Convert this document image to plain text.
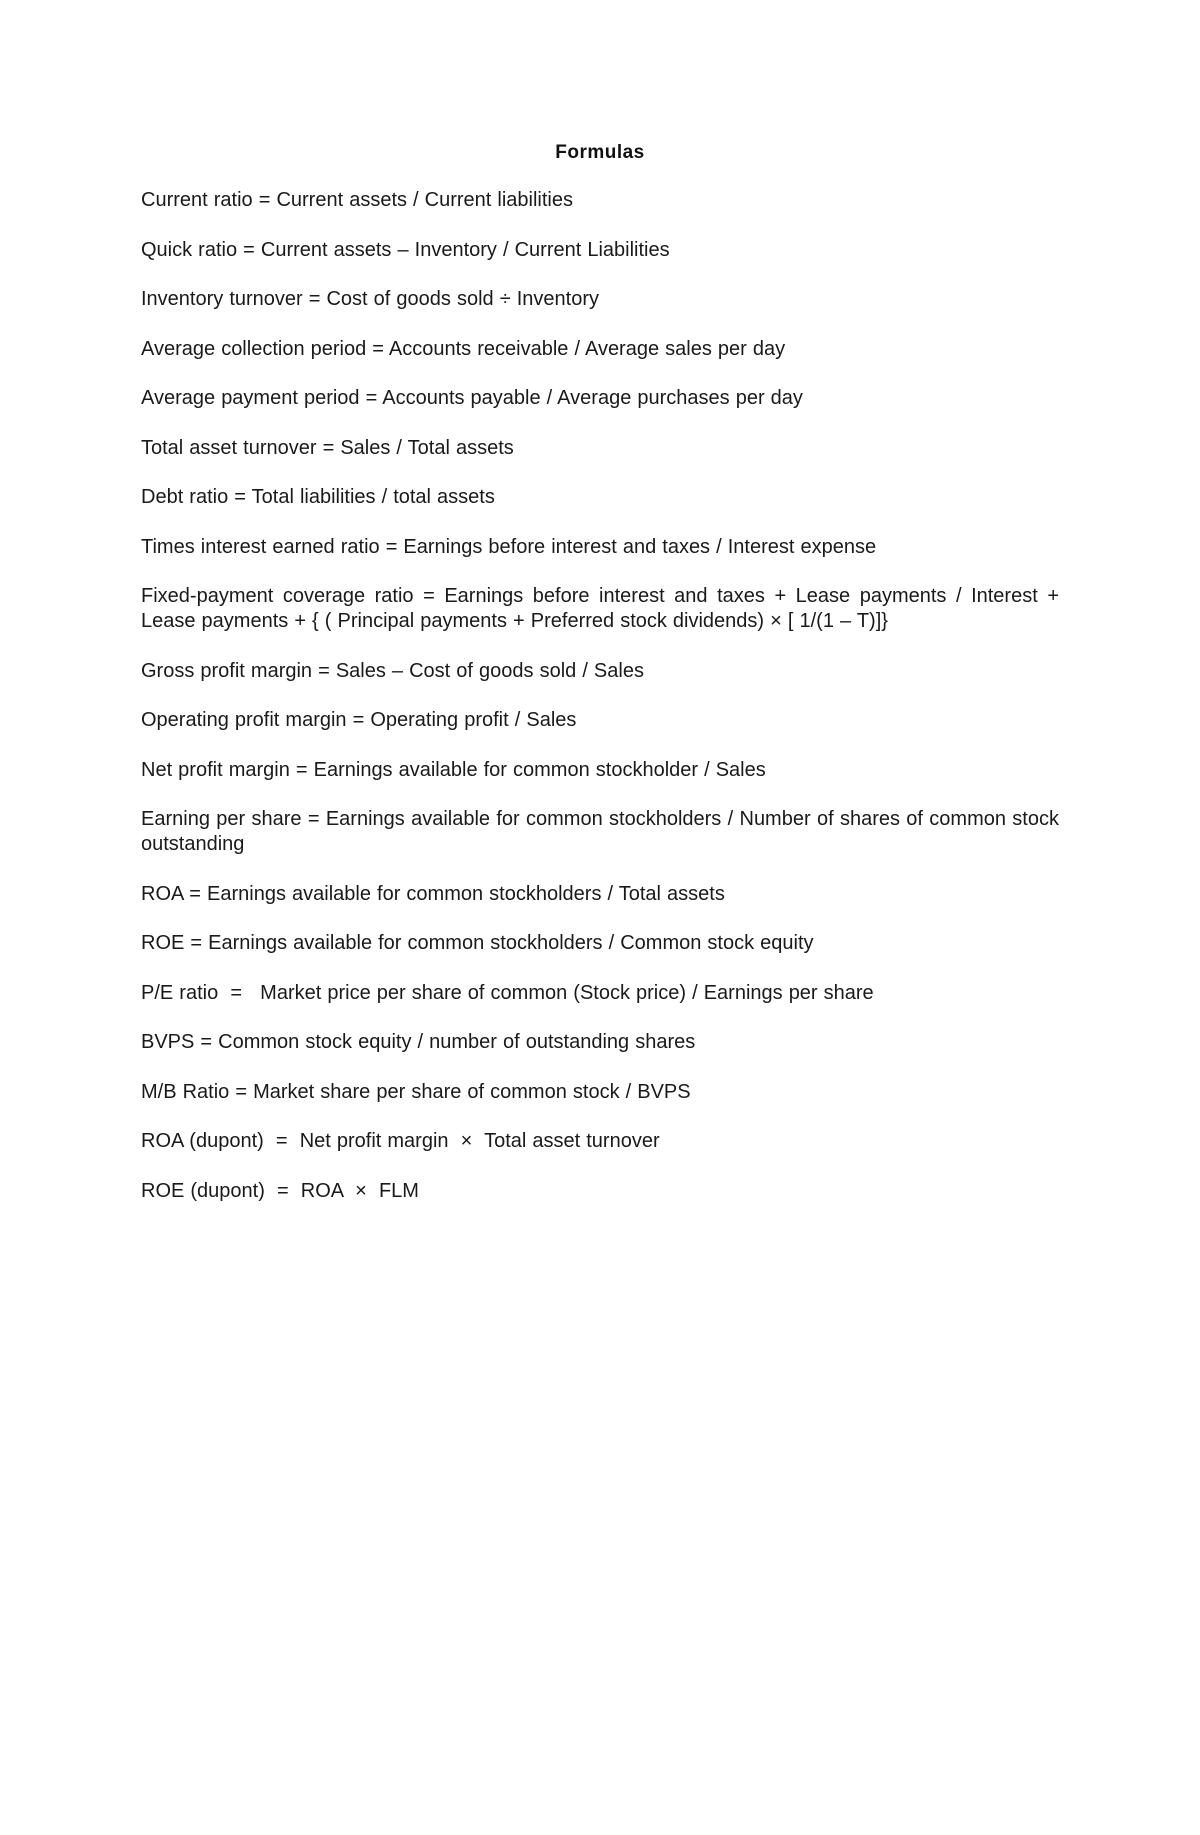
Formulas
Current ratio = Current assets / Current liabilities
Quick ratio = Current assets – Inventory / Current Liabilities
Inventory turnover = Cost of goods sold ÷ Inventory
Average collection period = Accounts receivable / Average sales per day
Average payment period = Accounts payable / Average purchases per day
Total asset turnover = Sales / Total assets
Debt ratio = Total liabilities / total assets
Times interest earned ratio = Earnings before interest and taxes / Interest expense
Fixed-payment coverage ratio = Earnings before interest and taxes + Lease payments / Interest + Lease payments + { ( Principal payments + Preferred stock dividends) × [ 1/(1 – T)]}
Gross profit margin = Sales – Cost of goods sold / Sales
Operating profit margin = Operating profit / Sales
Net profit margin = Earnings available for common stockholder / Sales
Earning per share = Earnings available for common stockholders / Number of shares of common stock outstanding
ROA = Earnings available for common stockholders / Total assets
ROE = Earnings available for common stockholders / Common stock equity
P/E ratio  =   Market price per share of common (Stock price) / Earnings per share
BVPS = Common stock equity / number of outstanding shares
M/B Ratio = Market share per share of common stock / BVPS
ROA (dupont)  =  Net profit margin  ×  Total asset turnover
ROE (dupont)  =  ROA  ×  FLM
